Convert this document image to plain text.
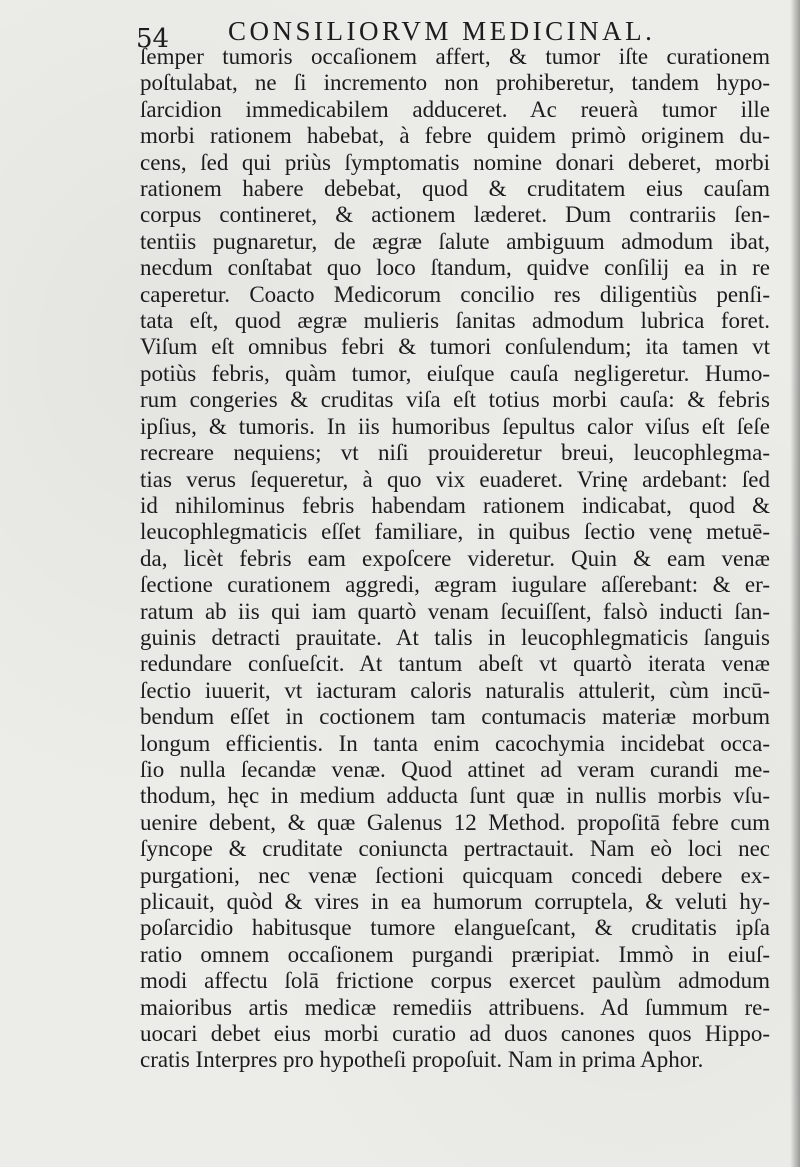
54 CONSILIORVM MEDICINAL.
ſemper tumoris occaſionem affert, & tumor iſte curationem
poſtulabat, ne ſi incremento non prohiberetur, tandem hypo-
ſarcidion immedicabilem adduceret. Ac reuerà tumor ille
morbi rationem habebat, à febre quidem primò originem du-
cens, ſed qui priùs ſymptomatis nomine donari deberet, morbi
rationem habere debebat, quod & cruditatem eius cauſam
corpus contineret, & actionem læderet. Dum contrariis ſen-
tentiis pugnaretur, de ægræ ſalute ambiguum admodum ibat,
necdum conſtabat quo loco ſtandum, quidve conſilij ea in re
caperetur. Coacto Medicorum concilio res diligentiùs penſi-
tata eſt, quod ægræ mulieris ſanitas admodum lubrica foret.
Viſum eſt omnibus febri & tumori conſulendum; ita tamen vt
potiùs febris, quàm tumor, eiuſque cauſa negligeretur. Humo-
rum congeries & cruditas viſa eſt totius morbi cauſa: & febris
ipſius, & tumoris. In iis humoribus ſepultus calor viſus eſt ſeſe
recreare nequiens; vt niſi prouideretur breui, leucophlegma-
tias verus ſequeretur, à quo vix euaderet. Vrinę ardebant: ſed
id nihilominus febris habendam rationem indicabat, quod &
leucophlegmaticis eſſet familiare, in quibus ſectio venę metuē-
da, licèt febris eam expoſcere videretur. Quin & eam venæ
ſectione curationem aggredi, ægram iugulare aſſerebant: & er-
ratum ab iis qui iam quartò venam ſecuiſſent, falsò inducti ſan-
guinis detracti prauitate. At talis in leucophlegmaticis ſanguis
redundare conſueſcit. At tantum abeſt vt quartò iterata venæ
ſectio iuuerit, vt iacturam caloris naturalis attulerit, cùm incū-
bendum eſſet in coctionem tam contumacis materiæ morbum
longum efficientis. In tanta enim cacochymia incidebat occa-
ſio nulla ſecandæ venæ. Quod attinet ad veram curandi me-
thodum, hęc in medium adducta ſunt quæ in nullis morbis vſu-
uenire debent, & quæ Galenus 12 Method. propoſitā febre cum
ſyncope & cruditate coniuncta pertractauit. Nam eò loci nec
purgationi, nec venæ ſectioni quicquam concedi debere ex-
plicauit, quòd & vires in ea humorum corruptela, & veluti hy-
poſarcidio habitusque tumore elangueſcant, & cruditatis ipſa
ratio omnem occaſionem purgandi præripiat. Immò in eiuſ-
modi affectu ſolā frictione corpus exercet paulùm admodum
maioribus artis medicæ remediis attribuens. Ad ſummum re-
uocari debet eius morbi curatio ad duos canones quos Hippo-
cratis Interpres pro hypotheſi propoſuit. Nam in prima Aphor.
